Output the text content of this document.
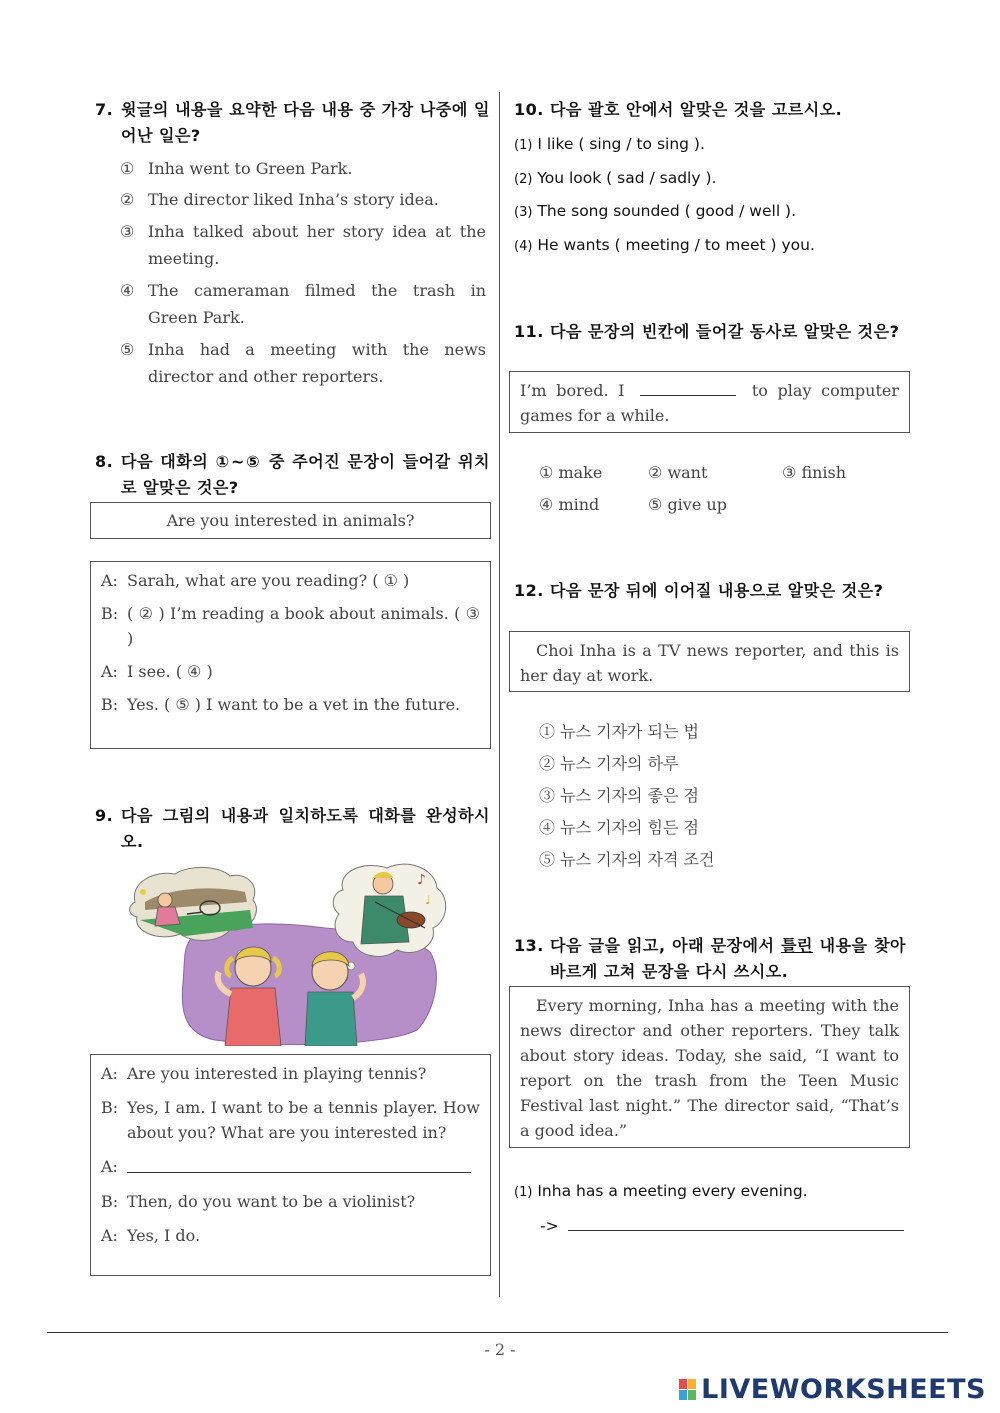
7. 윗글의 내용을 요약한 다음 내용 중 가장 나중에 일어난 일은?
① Inha went to Green Park.
② The director liked Inha’s story idea.
③ Inha talked about her story idea at the meeting.
④ The cameraman filmed the trash in Green Park.
⑤ Inha had a meeting with the news director and other reporters.
8. 다음 대화의 ①~⑤ 중 주어진 문장이 들어갈 위치로 알맞은 것은?
Are you interested in animals?
A: Sarah, what are you reading? ( ① )
B: ( ② ) I’m reading a book about animals. ( ③ )
A: I see. ( ④ )
B: Yes. ( ⑤ ) I want to be a vet in the future.
9. 다음 그림의 내용과 일치하도록 대화를 완성하시오.
♪
♩
A: Are you interested in playing tennis?
B: Yes, I am. I want to be a tennis player. How about you? What are you interested in?
A:
B: Then, do you want to be a violinist?
A: Yes, I do.
10. 다음 괄호 안에서 알맞은 것을 고르시오.
(1) I like ( sing / to sing ).
(2) You look ( sad / sadly ).
(3) The song sounded ( good / well ).
(4) He wants ( meeting / to meet ) you.
11. 다음 문장의 빈칸에 들어갈 동사로 알맞은 것은?
I’m bored. I	to play computer games for a while.
① make	② want	③ finish
④ mind	⑤ give up
12. 다음 문장 뒤에 이어질 내용으로 알맞은 것은?
Choi Inha is a TV news reporter, and this is her day at work.
① 뉴스 기자가 되는 법
② 뉴스 기자의 하루
③ 뉴스 기자의 좋은 점
④ 뉴스 기자의 힘든 점
⑤ 뉴스 기자의 자격 조건
13. 다음 글을 읽고, 아래 문장에서 틀린 내용을 찾아 바르게 고쳐 문장을 다시 쓰시오.
Every morning, Inha has a meeting with the news director and other reporters. They talk about story ideas. Today, she said, “I want to report on the trash from the Teen Music Festival last night.” The director said, “That’s a good idea.”
(1) Inha has a meeting every evening.
->
- 2 -
LIVEWORKSHEETS
